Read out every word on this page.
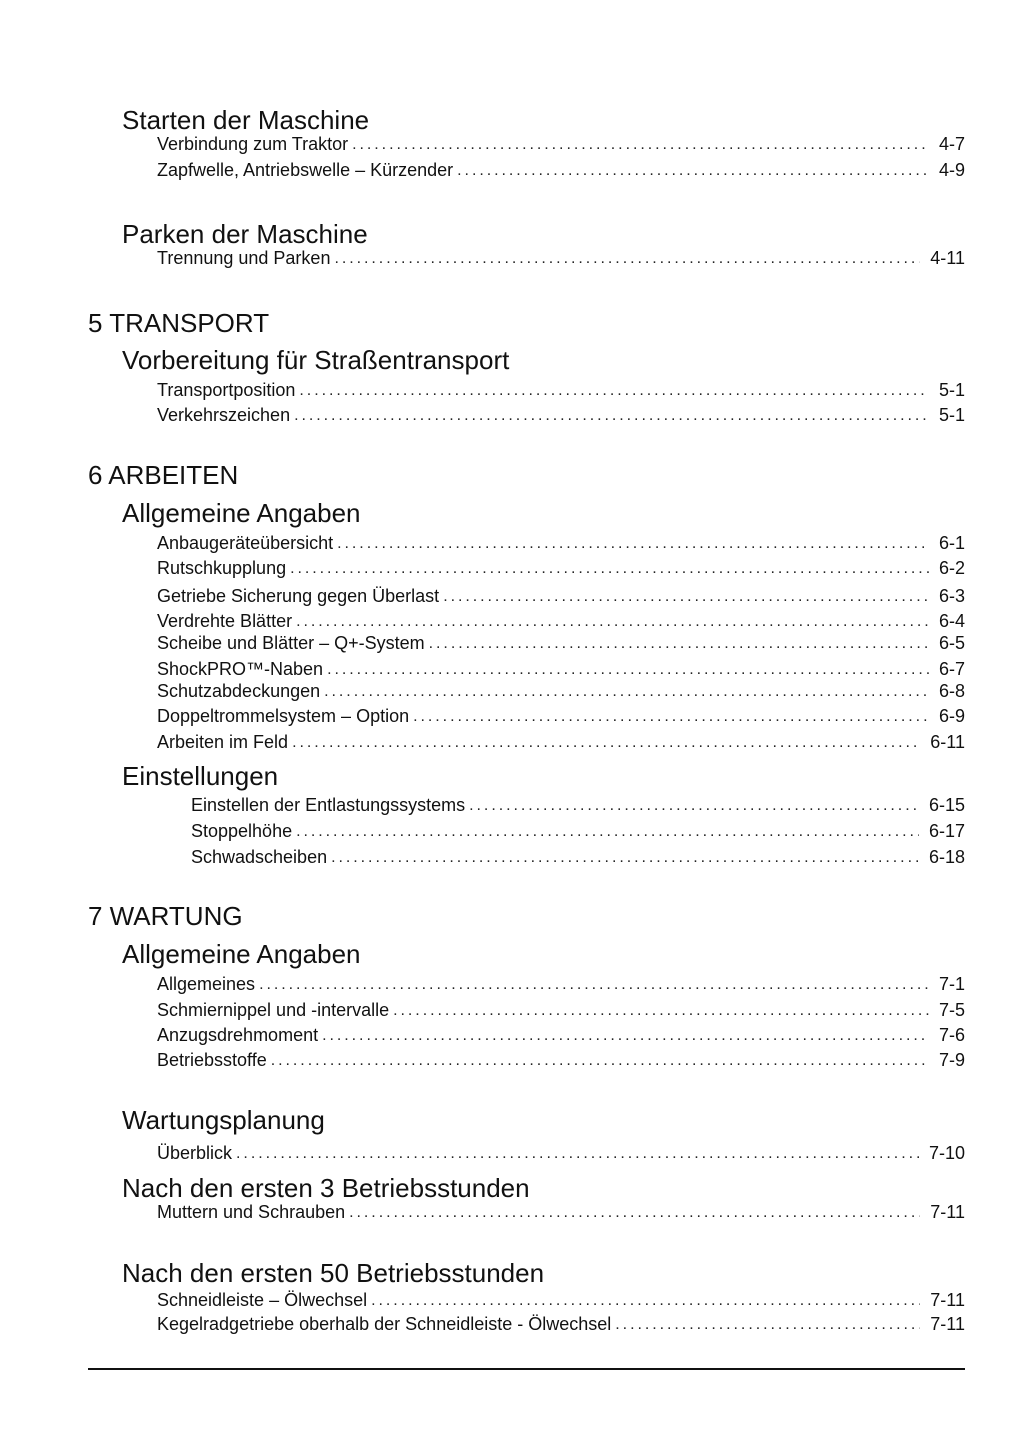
Starten der Maschine
Verbindung zum Traktor . . .	4-7
Zapfwelle, Antriebswelle – Kürzender . . .	4-9
Parken der Maschine
Trennung und Parken . . .	4-11
5 TRANSPORT
Vorbereitung für Straßentransport
Transportposition . . .	5-1
Verkehrszeichen . . .	5-1
6 ARBEITEN
Allgemeine Angaben
Anbaugeräteübersicht . . .	6-1
Rutschkupplung . . .	6-2
Getriebe Sicherung gegen Überlast . . .	6-3
Verdrehte Blätter . . .	6-4
Scheibe und Blätter – Q+-System . . .	6-5
ShockPRO™-Naben . . .	6-7
Schutzabdeckungen . . .	6-8
Doppeltrommelsystem – Option . . .	6-9
Arbeiten im Feld . . .	6-11
Einstellungen
Einstellen der Entlastungssystems . . .	6-15
Stoppelhöhe . . .	6-17
Schwadscheiben . . .	6-18
7 WARTUNG
Allgemeine Angaben
Allgemeines . . .	7-1
Schmiernippel und -intervalle . . .	7-5
Anzugsdrehmoment . . .	7-6
Betriebsstoffe . . .	7-9
Wartungsplanung
Überblick . . .	7-10
Nach den ersten 3 Betriebsstunden
Muttern und Schrauben . . .	7-11
Nach den ersten 50 Betriebsstunden
Schneidleiste – Ölwechsel . . .	7-11
Kegelradgetriebe oberhalb der Schneidleiste - Ölwechsel . . .	7-11
